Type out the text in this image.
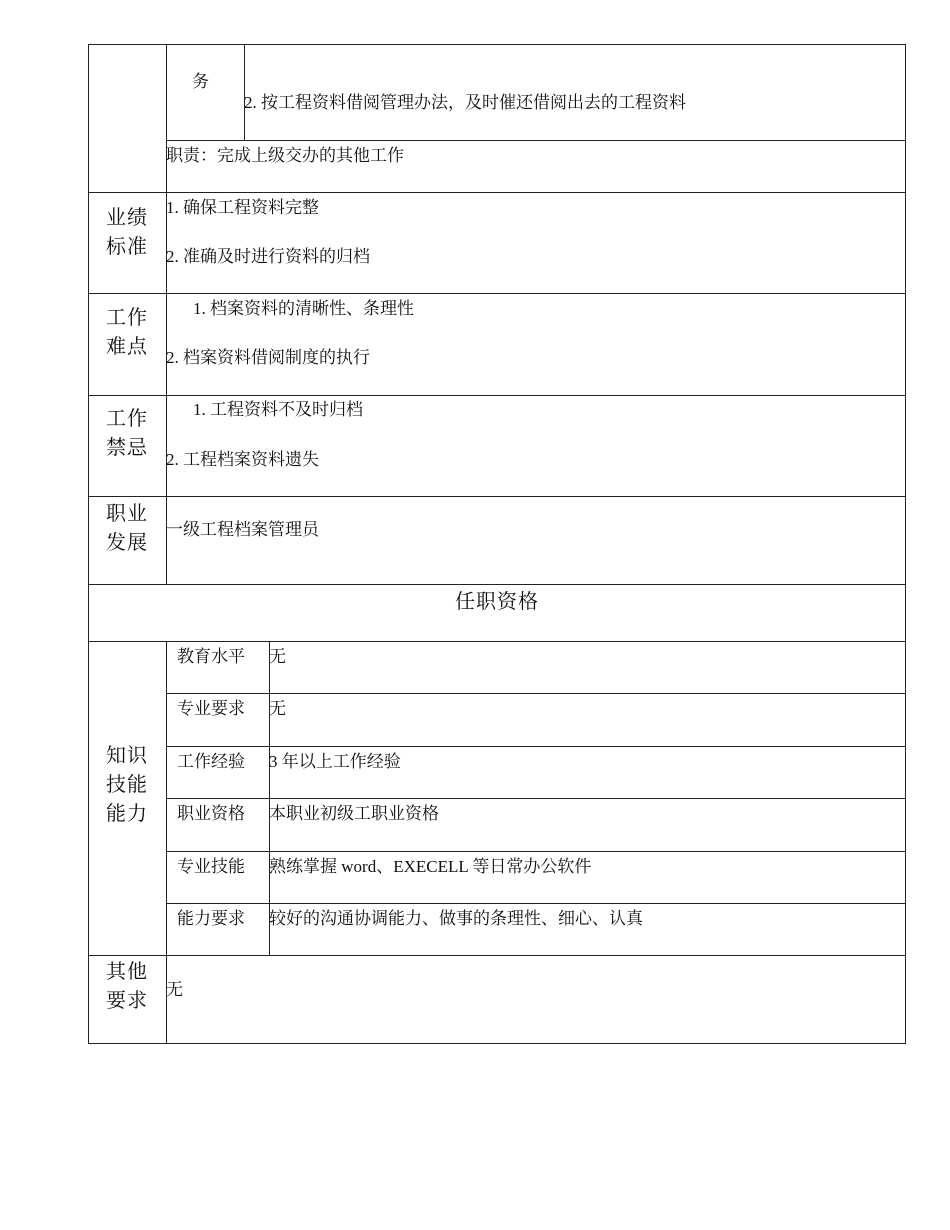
务
2. 按工程资料借阅管理办法，及时催还借阅出去的工程资料
职责：完成上级交办的其他工作
业绩
标准
1. 确保工程资料完整
2. 准确及时进行资料的归档
工作
难点
1. 档案资料的清晰性、条理性
2. 档案资料借阅制度的执行
工作
禁忌
1. 工程资料不及时归档
2. 工程档案资料遗失
职业
发展
一级工程档案管理员
任职资格
知识
技能
能力
教育水平 无
专业要求 无
工作经验 3 年以上工作经验
职业资格 本职业初级工职业资格
专业技能 熟练掌握 word、EXECELL 等日常办公软件
能力要求 较好的沟通协调能力、做事的条理性、细心、认真
其他
要求
无
